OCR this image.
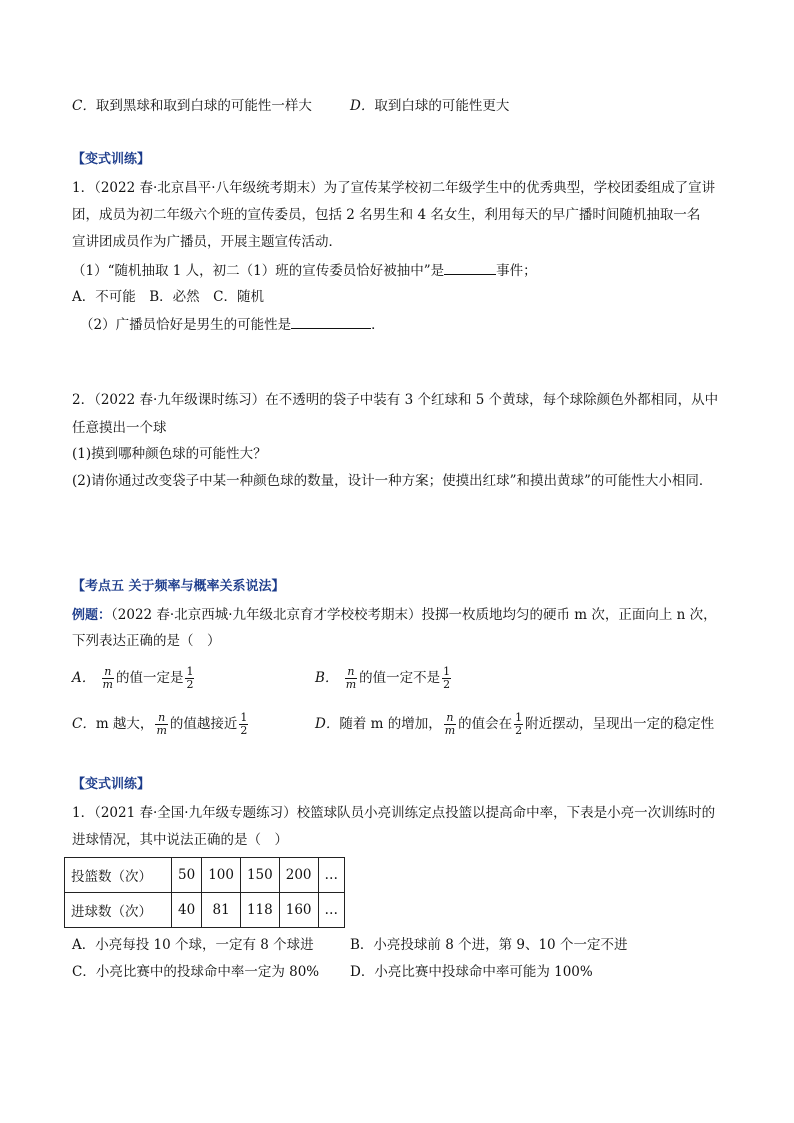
C．取到黑球和取到白球的可能性一样大	D．取到白球的可能性更大
【变式训练】
1．（2022 春·北京昌平·八年级统考期末）为了宣传某学校初二年级学生中的优秀典型，学校团委组成了宣讲
团，成员为初二年级六个班的宣传委员，包括 2 名男生和 4 名女生，利用每天的早广播时间随机抽取一名
宣讲团成员作为广播员，开展主题宣传活动．
（1）“随机抽取 1 人，初二（1）班的宣传委员恰好被抽中”是	事件；
A．不可能　B．必然　C．随机
（2）广播员恰好是男生的可能性是	．
2．（2022 春·九年级课时练习）在不透明的袋子中装有 3 个红球和 5 个黄球，每个球除颜色外都相同，从中
任意摸出一个球
(1)摸到哪种颜色球的可能性大？
(2)请你通过改变袋子中某一种颜色球的数量，设计一种方案；使摸出红球”和摸出黄球”的可能性大小相同．
【考点五 关于频率与概率关系说法】
例题：（2022 春·北京西城·九年级北京育才学校校考期末）投掷一枚质地均匀的硬币 m 次，正面向上 n 次，
下列表达正确的是（　）
A． $\frac{n}{m}$ 的值一定是 $\frac{1}{2}$	B． $\frac{n}{m}$ 的值一定不是 $\frac{1}{2}$
C．m 越大， $\frac{n}{m}$ 的值越接近 $\frac{1}{2}$	D．随着 m 的增加， $\frac{n}{m}$ 的值会在 $\frac{1}{2}$ 附近摆动，呈现出一定的稳定性
【变式训练】
1．（2021 春·全国·九年级专题练习）校篮球队员小亮训练定点投篮以提高命中率，下表是小亮一次训练时的
进球情况，其中说法正确的是（　）
投篮数（次）	50	100	150	200	…
进球数（次）	40	81	118	160	…
A．小亮每投 10 个球，一定有 8 个球进	B．小亮投球前 8 个进，第 9、10 个一定不进
C．小亮比赛中的投球命中率一定为 80% D．小亮比赛中投球命中率可能为 100%
